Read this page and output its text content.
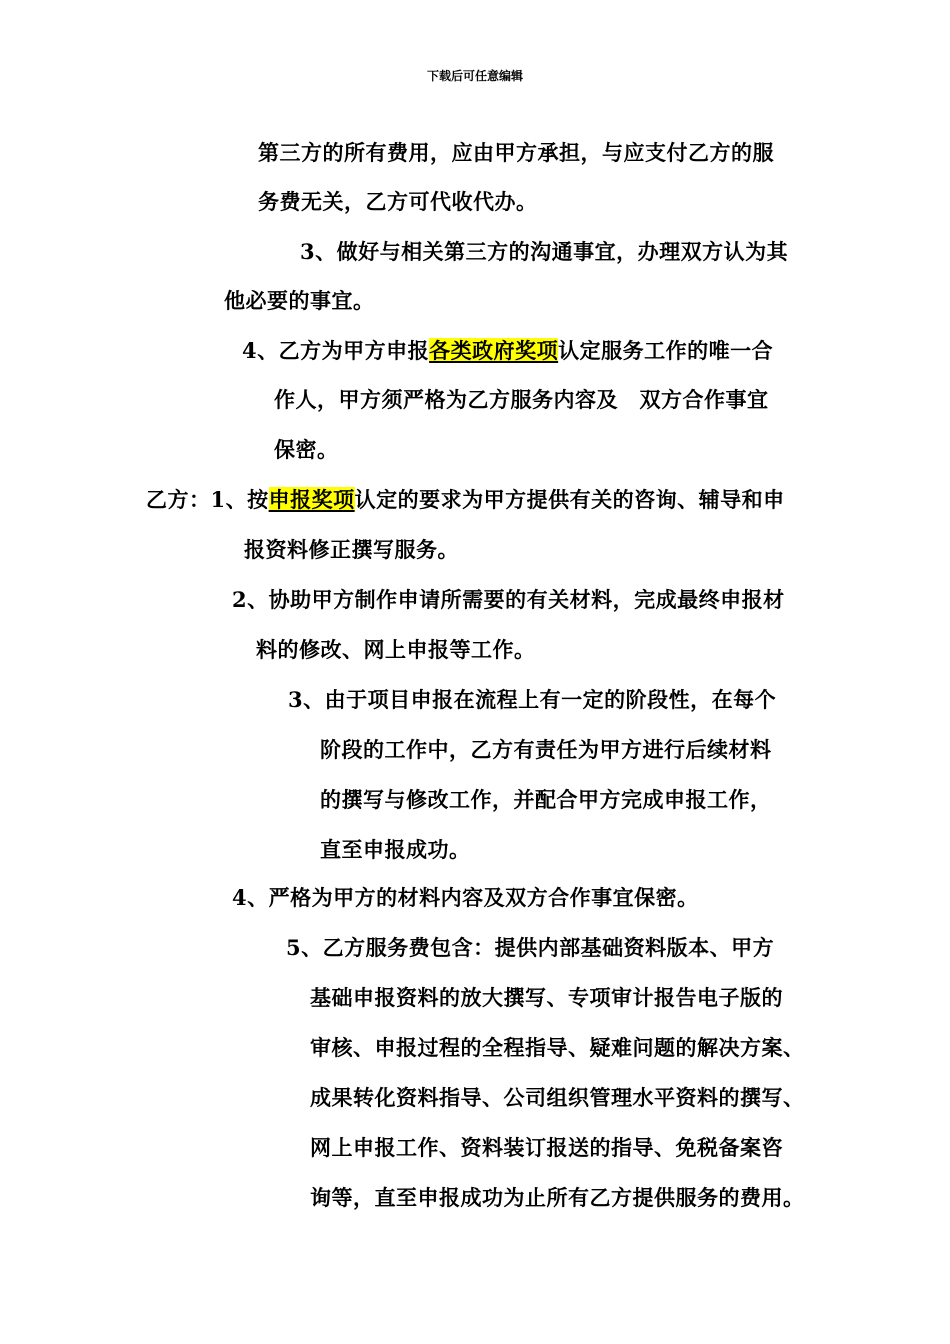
下载后可任意编辑
第三方的所有费用，应由甲方承担，与应支付乙方的服
务费无关，乙方可代收代办。
3、做好与相关第三方的沟通事宜，办理双方认为其
他必要的事宜。
4、乙方为甲方申报各类政府奖项认定服务工作的唯一合
作人，甲方须严格为乙方服务内容及　双方合作事宜
保密。
乙方：1、按申报奖项认定的要求为甲方提供有关的咨询、辅导和申
报资料修正撰写服务。
2、协助甲方制作申请所需要的有关材料，完成最终申报材
料的修改、网上申报等工作。
3、由于项目申报在流程上有一定的阶段性，在每个
阶段的工作中，乙方有责任为甲方进行后续材料
的撰写与修改工作，并配合甲方完成申报工作，
直至申报成功。
4、严格为甲方的材料内容及双方合作事宜保密。
5、乙方服务费包含：提供内部基础资料版本、甲方
基础申报资料的放大撰写、专项审计报告电子版的
审核、申报过程的全程指导、疑难问题的解决方案、
成果转化资料指导、公司组织管理水平资料的撰写、
网上申报工作、资料装订报送的指导、免税备案咨
询等，直至申报成功为止所有乙方提供服务的费用。
